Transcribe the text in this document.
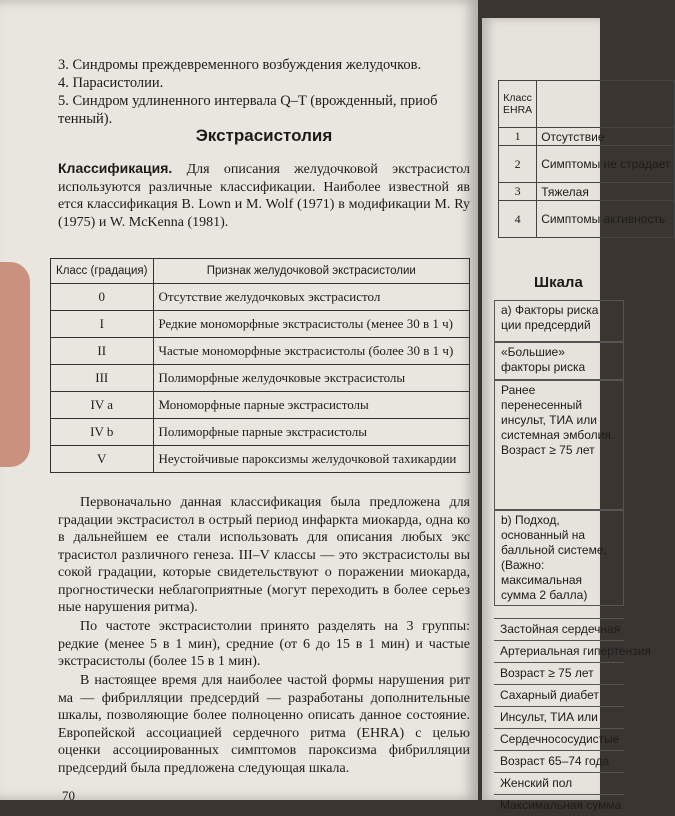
3. Синдромы преждевременного возбуждения желудочков.
4. Парасистолии.
5. Синдром удлиненного интервала Q–T (врожденный, приоб
тенный).
Экстрасистолия
Классификация. Для описания желудочковой экстрасистол используются различные классификации. Наиболее известной яв ется классификация B. Lown и M. Wolf (1971) в модификации M. Ry (1975) и W. McKenna (1981).
Класс (градация)	Признак желудочковой экстрасистолии
0	Отсутствие желудочковых экстрасистол
I	Редкие мономорфные экстрасистолы (менее 30 в 1 ч)
II	Частые мономорфные экстрасистолы (более 30 в 1 ч)
III	Полиморфные желудочковые экстрасистолы
IV a	Мономорфные парные экстрасистолы
IV b	Полиморфные парные экстрасистолы
V	Неустойчивые пароксизмы желудочковой тахикардии
Первоначально данная классификация была предложена для градации экстрасистол в острый период инфаркта миокарда, одна ко в дальнейшем ее стали использовать для описания любых экс трасистол различного генеза. III–V классы — это экстрасистолы вы сокой градации, которые свидетельствуют о поражении миокарда, прогностически неблагоприятные (могут переходить в более серьез ные нарушения ритма).
По частоте экстрасистолии принято разделять на 3 группы: редкие (менее 5 в 1 мин), средние (от 6 до 15 в 1 мин) и частые экстрасистолы (более 15 в 1 мин).
В настоящее время для наиболее частой формы нарушения рит ма — фибрилляции предсердий — разработаны дополнительные шкалы, позволяющие более полноценно описать данное состояние. Европейской ассоциацией сердечного ритма (EHRA) с целью оценки ассоциированных симптомов пароксизма фибрилляции предсердий была предложена следующая шкала.
70
Класс EHRA	
1	Отсутствие
2	Симптомы не страдает
3	Тяжелая
4	Симптомы активность
Шкала
а) Факторы риска ции предсердий
«Большие» факторы риска
Ранее перенесенный инсульт, ТИА или системная эмболия. Возраст ≥ 75 лет
b) Подход, основанный на балльной системе, (Важно: максимальная сумма 2 балла)
Застойная сердечная
Артериальная гипертензия
Возраст ≥ 75 лет
Сахарный диабет
Инсульт, ТИА или
Сердечнососудистые
Возраст 65–74 года
Женский пол
Максимальная сумма
